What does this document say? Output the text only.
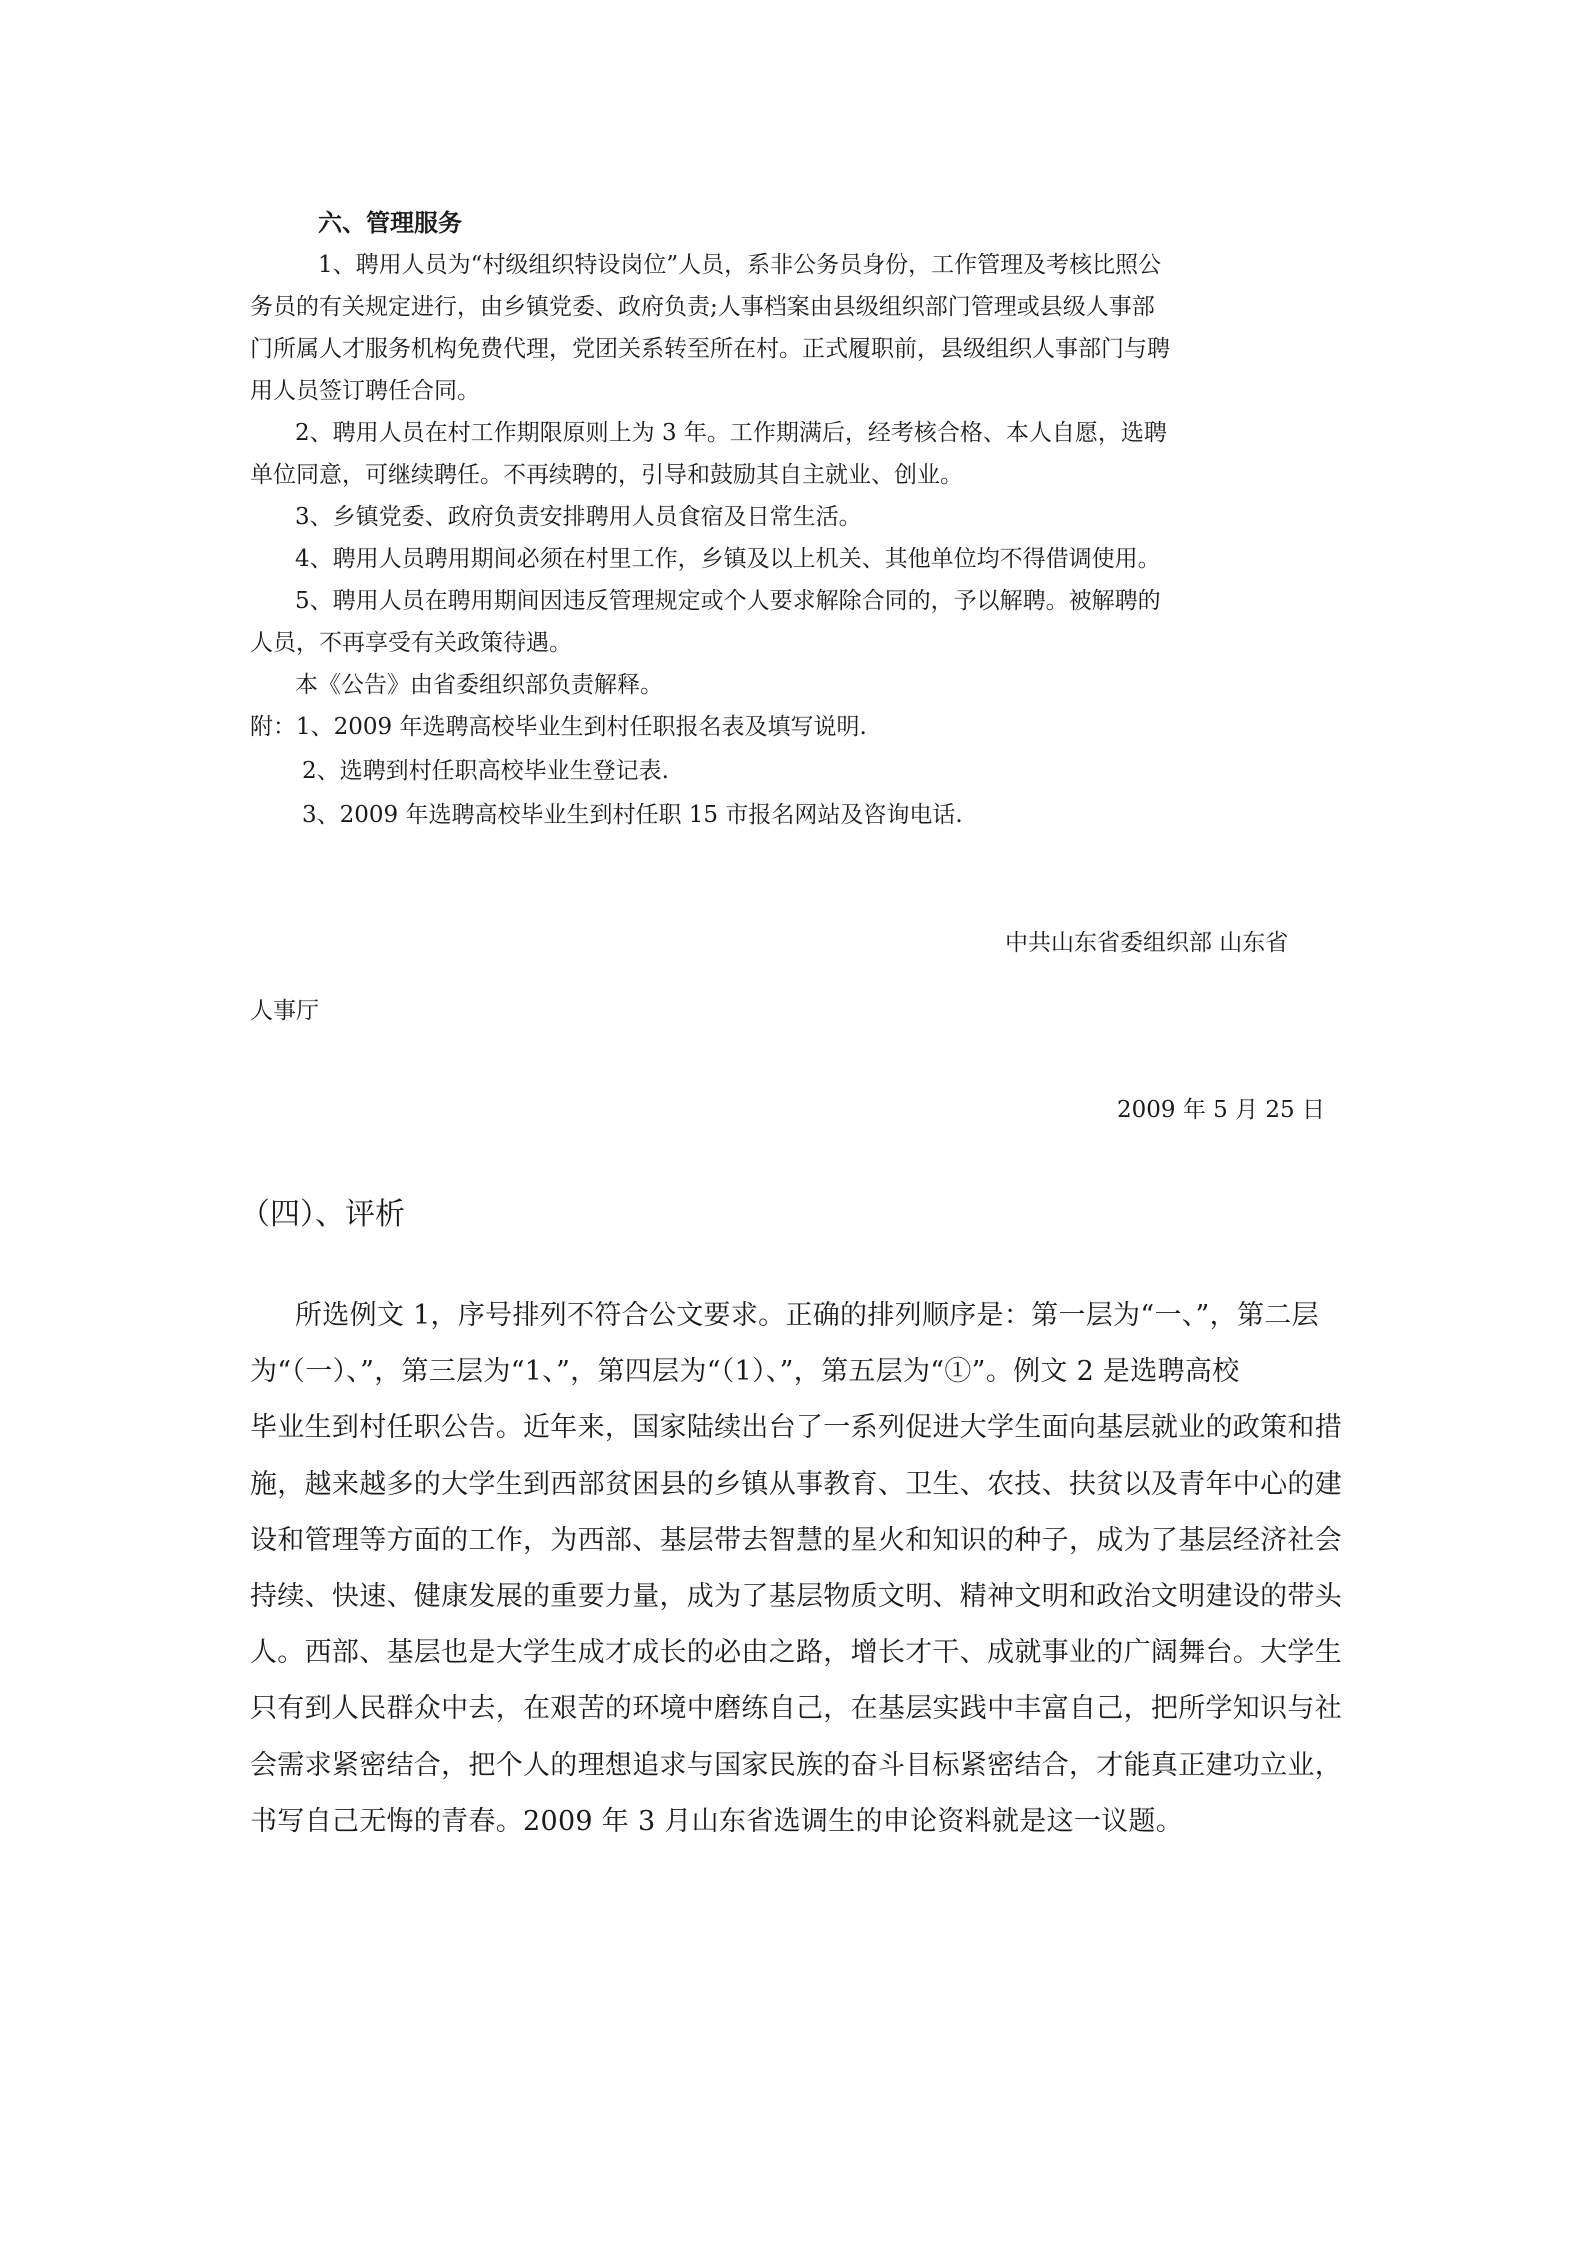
六、管理服务
1、聘用人员为“村级组织特设岗位”人员，系非公务员身份，工作管理及考核比照公
务员的有关规定进行，由乡镇党委、政府负责;人事档案由县级组织部门管理或县级人事部
门所属人才服务机构免费代理，党团关系转至所在村。正式履职前，县级组织人事部门与聘
用人员签订聘任合同。
2、聘用人员在村工作期限原则上为 3 年。工作期满后，经考核合格、本人自愿，选聘
单位同意，可继续聘任。不再续聘的，引导和鼓励其自主就业、创业。
3、乡镇党委、政府负责安排聘用人员食宿及日常生活。
4、聘用人员聘用期间必须在村里工作，乡镇及以上机关、其他单位均不得借调使用。
5、聘用人员在聘用期间因违反管理规定或个人要求解除合同的，予以解聘。被解聘的
人员，不再享受有关政策待遇。
本《公告》由省委组织部负责解释。
附：1、2009 年选聘高校毕业生到村任职报名表及填写说明.
2、选聘到村任职高校毕业生登记表.
3、2009 年选聘高校毕业生到村任职 15 市报名网站及咨询电话.
中共山东省委组织部 山东省
人事厅
2009 年 5 月 25 日
（四）、评析
所选例文 1，序号排列不符合公文要求。正确的排列顺序是：第一层为“一、”，第二层
为“（一）、”，第三层为“1、”，第四层为“（1）、”，第五层为“①”。例文 2 是选聘高校
毕业生到村任职公告。近年来，国家陆续出台了一系列促进大学生面向基层就业的政策和措
施，越来越多的大学生到西部贫困县的乡镇从事教育、卫生、农技、扶贫以及青年中心的建
设和管理等方面的工作，为西部、基层带去智慧的星火和知识的种子，成为了基层经济社会
持续、快速、健康发展的重要力量，成为了基层物质文明、精神文明和政治文明建设的带头
人。西部、基层也是大学生成才成长的必由之路，增长才干、成就事业的广阔舞台。大学生
只有到人民群众中去，在艰苦的环境中磨练自己，在基层实践中丰富自己，把所学知识与社
会需求紧密结合，把个人的理想追求与国家民族的奋斗目标紧密结合，才能真正建功立业，
书写自己无悔的青春。2009 年 3 月山东省选调生的申论资料就是这一议题。
